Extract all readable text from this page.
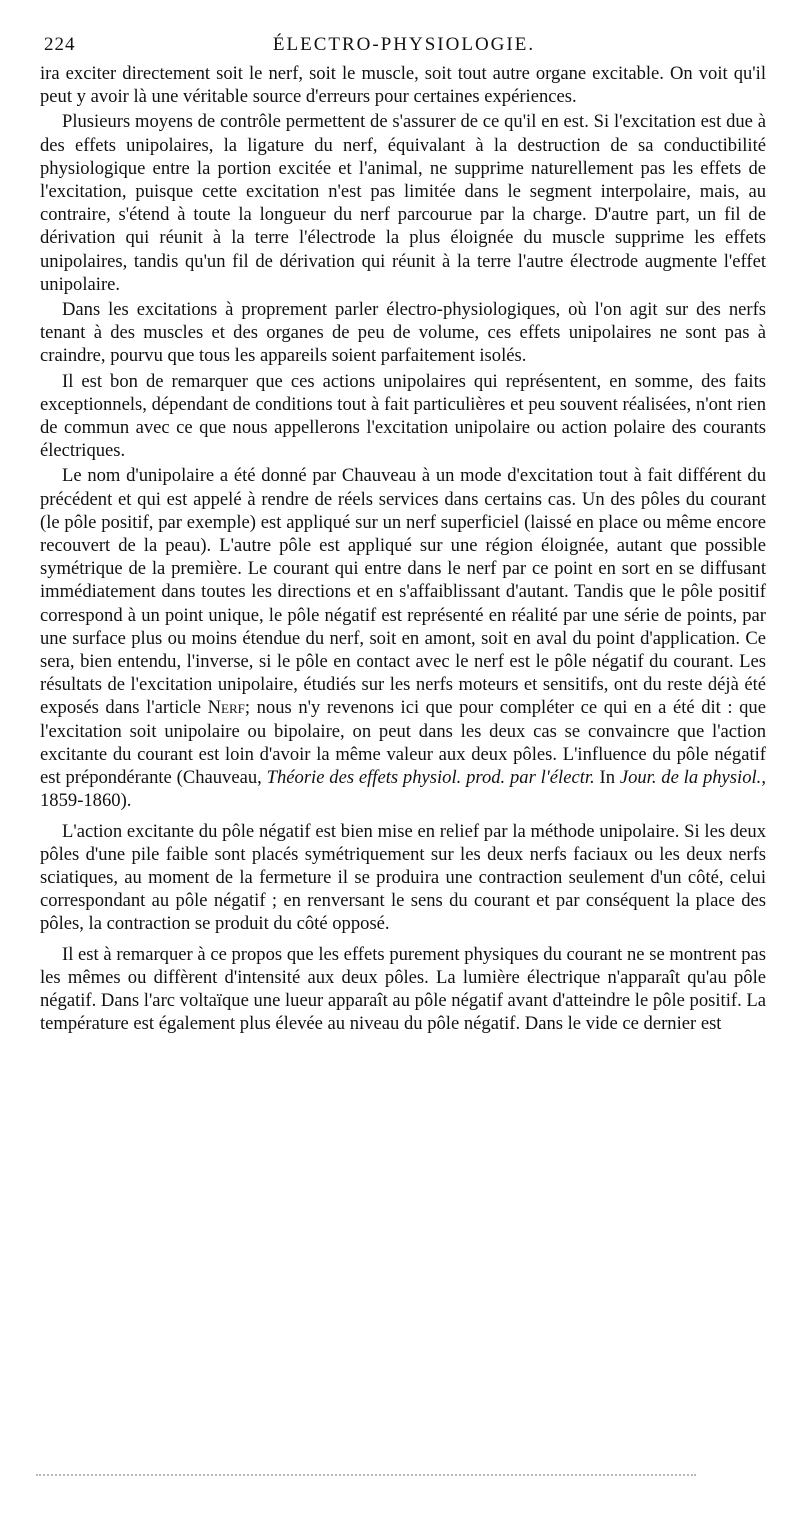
224	ÉLECTRO-PHYSIOLOGIE.

ira exciter directement soit le nerf, soit le muscle, soit tout autre organe excitable. On voit qu'il peut y avoir là une véritable source d'erreurs pour certaines expériences.

Plusieurs moyens de contrôle permettent de s'assurer de ce qu'il en est. Si l'excitation est due à des effets unipolaires, la ligature du nerf, équivalant à la destruction de sa conductibilité physiologique entre la portion excitée et l'animal, ne supprime naturellement pas les effets de l'excitation, puisque cette excitation n'est pas limitée dans le segment interpolaire, mais, au contraire, s'étend à toute la longueur du nerf parcourue par la charge. D'autre part, un fil de dérivation qui réunit à la terre l'électrode la plus éloignée du muscle supprime les effets unipolaires, tandis qu'un fil de dérivation qui réunit à la terre l'autre électrode augmente l'effet unipolaire.

Dans les excitations à proprement parler électro-physiologiques, où l'on agit sur des nerfs tenant à des muscles et des organes de peu de volume, ces effets unipolaires ne sont pas à craindre, pourvu que tous les appareils soient parfaitement isolés.

Il est bon de remarquer que ces actions unipolaires qui représentent, en somme, des faits exceptionnels, dépendant de conditions tout à fait particulières et peu souvent réalisées, n'ont rien de commun avec ce que nous appellerons l'excitation unipolaire ou action polaire des courants électriques.

Le nom d'unipolaire a été donné par Chauveau à un mode d'excitation tout à fait différent du précédent et qui est appelé à rendre de réels services dans certains cas. Un des pôles du courant (le pôle positif, par exemple) est appliqué sur un nerf superficiel (laissé en place ou même encore recouvert de la peau). L'autre pôle est appliqué sur une région éloignée, autant que possible symétrique de la première. Le courant qui entre dans le nerf par ce point en sort en se diffusant immédiatement dans toutes les directions et en s'affaiblissant d'autant. Tandis que le pôle positif correspond à un point unique, le pôle négatif est représenté en réalité par une série de points, par une surface plus ou moins étendue du nerf, soit en amont, soit en aval du point d'application. Ce sera, bien entendu, l'inverse, si le pôle en contact avec le nerf est le pôle négatif du courant. Les résultats de l'excitation unipolaire, étudiés sur les nerfs moteurs et sensitifs, ont du reste déjà été exposés dans l'article Nerf; nous n'y revenons ici que pour compléter ce qui en a été dit : que l'excitation soit unipolaire ou bipolaire, on peut dans les deux cas se convaincre que l'action excitante du courant est loin d'avoir la même valeur aux deux pôles. L'influence du pôle négatif est prépondérante (Chauveau, Théorie des effets physiol. prod. par l'électr. In Jour. de la physiol., 1859-1860).

L'action excitante du pôle négatif est bien mise en relief par la méthode unipolaire. Si les deux pôles d'une pile faible sont placés symétriquement sur les deux nerfs faciaux ou les deux nerfs sciatiques, au moment de la fermeture il se produira une contraction seulement d'un côté, celui correspondant au pôle négatif ; en renversant le sens du courant et par conséquent la place des pôles, la contraction se produit du côté opposé.

Il est à remarquer à ce propos que les effets purement physiques du courant ne se montrent pas les mêmes ou diffèrent d'intensité aux deux pôles. La lumière électrique n'apparaît qu'au pôle négatif. Dans l'arc voltaïque une lueur apparaît au pôle négatif avant d'atteindre le pôle positif. La température est également plus élevée au niveau du pôle négatif. Dans le vide ce dernier est
